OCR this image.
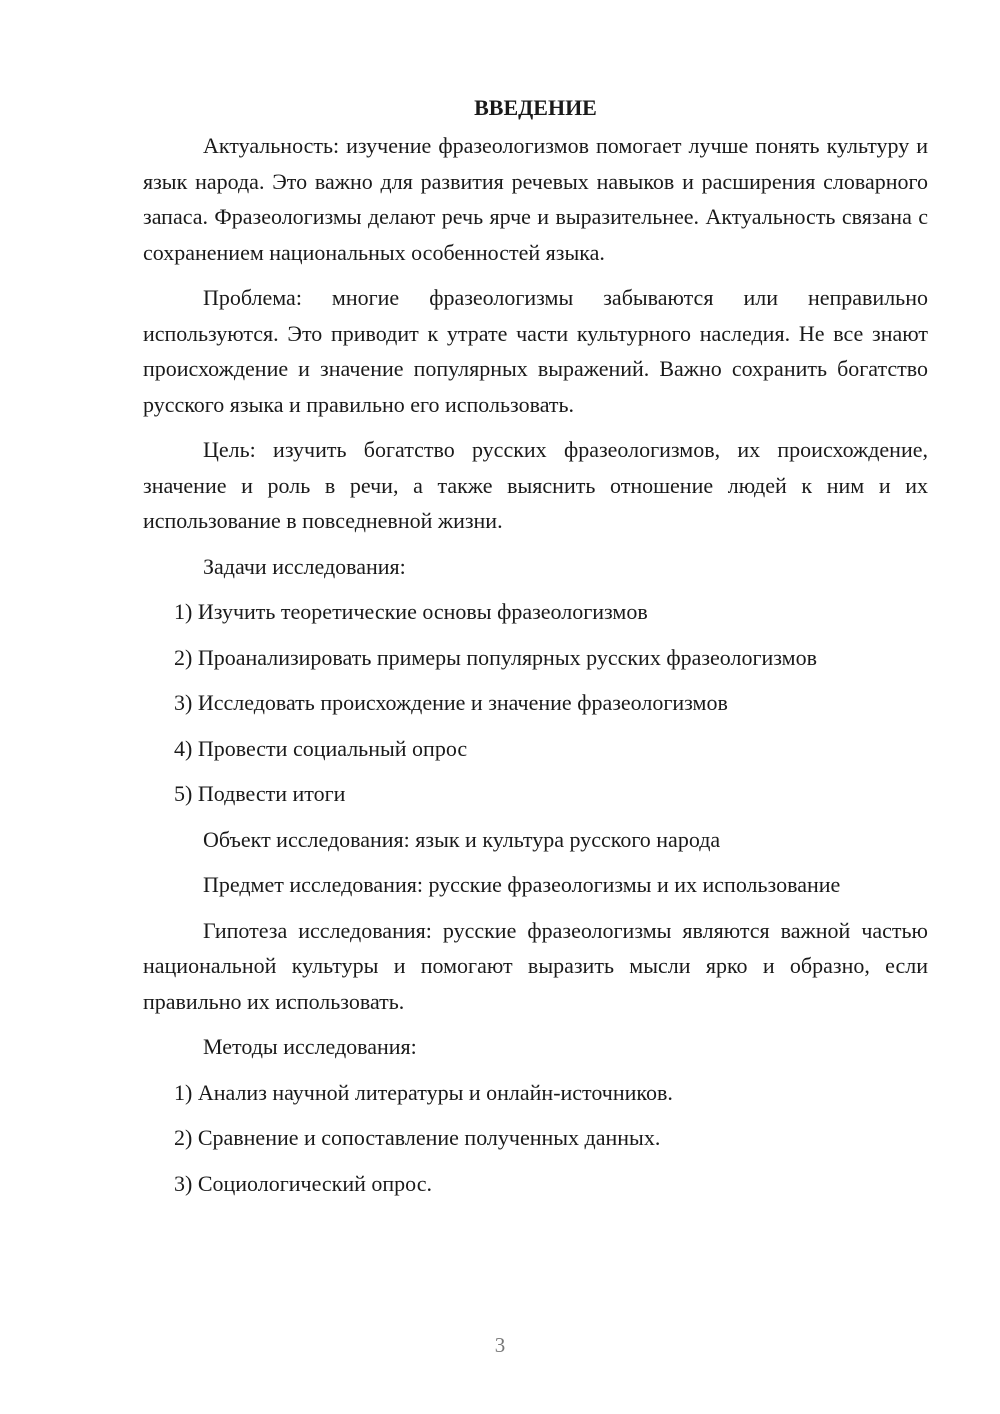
ВВЕДЕНИЕ

Актуальность: изучение фразеологизмов помогает лучше понять культуру и язык народа. Это важно для развития речевых навыков и расширения словарного запаса. Фразеологизмы делают речь ярче и выразительнее. Актуальность связана с сохранением национальных особенностей языка.

Проблема: многие фразеологизмы забываются или неправильно используются. Это приводит к утрате части культурного наследия. Не все знают происхождение и значение популярных выражений. Важно сохранить богатство русского языка и правильно его использовать.

Цель: изучить богатство русских фразеологизмов, их происхождение, значение и роль в речи, а также выяснить отношение людей к ним и их использование в повседневной жизни.

Задачи исследования:

1) Изучить теоретические основы фразеологизмов
2) Проанализировать примеры популярных русских фразеологизмов
3) Исследовать происхождение и значение фразеологизмов
4) Провести социальный опрос
5) Подвести итоги

Объект исследования: язык и культура русского народа

Предмет исследования: русские фразеологизмы и их использование

Гипотеза исследования: русские фразеологизмы являются важной частью национальной культуры и помогают выразить мысли ярко и образно, если правильно их использовать.

Методы исследования:

1) Анализ научной литературы и онлайн-источников.
2) Сравнение и сопоставление полученных данных.
3) Социологический опрос.
3
